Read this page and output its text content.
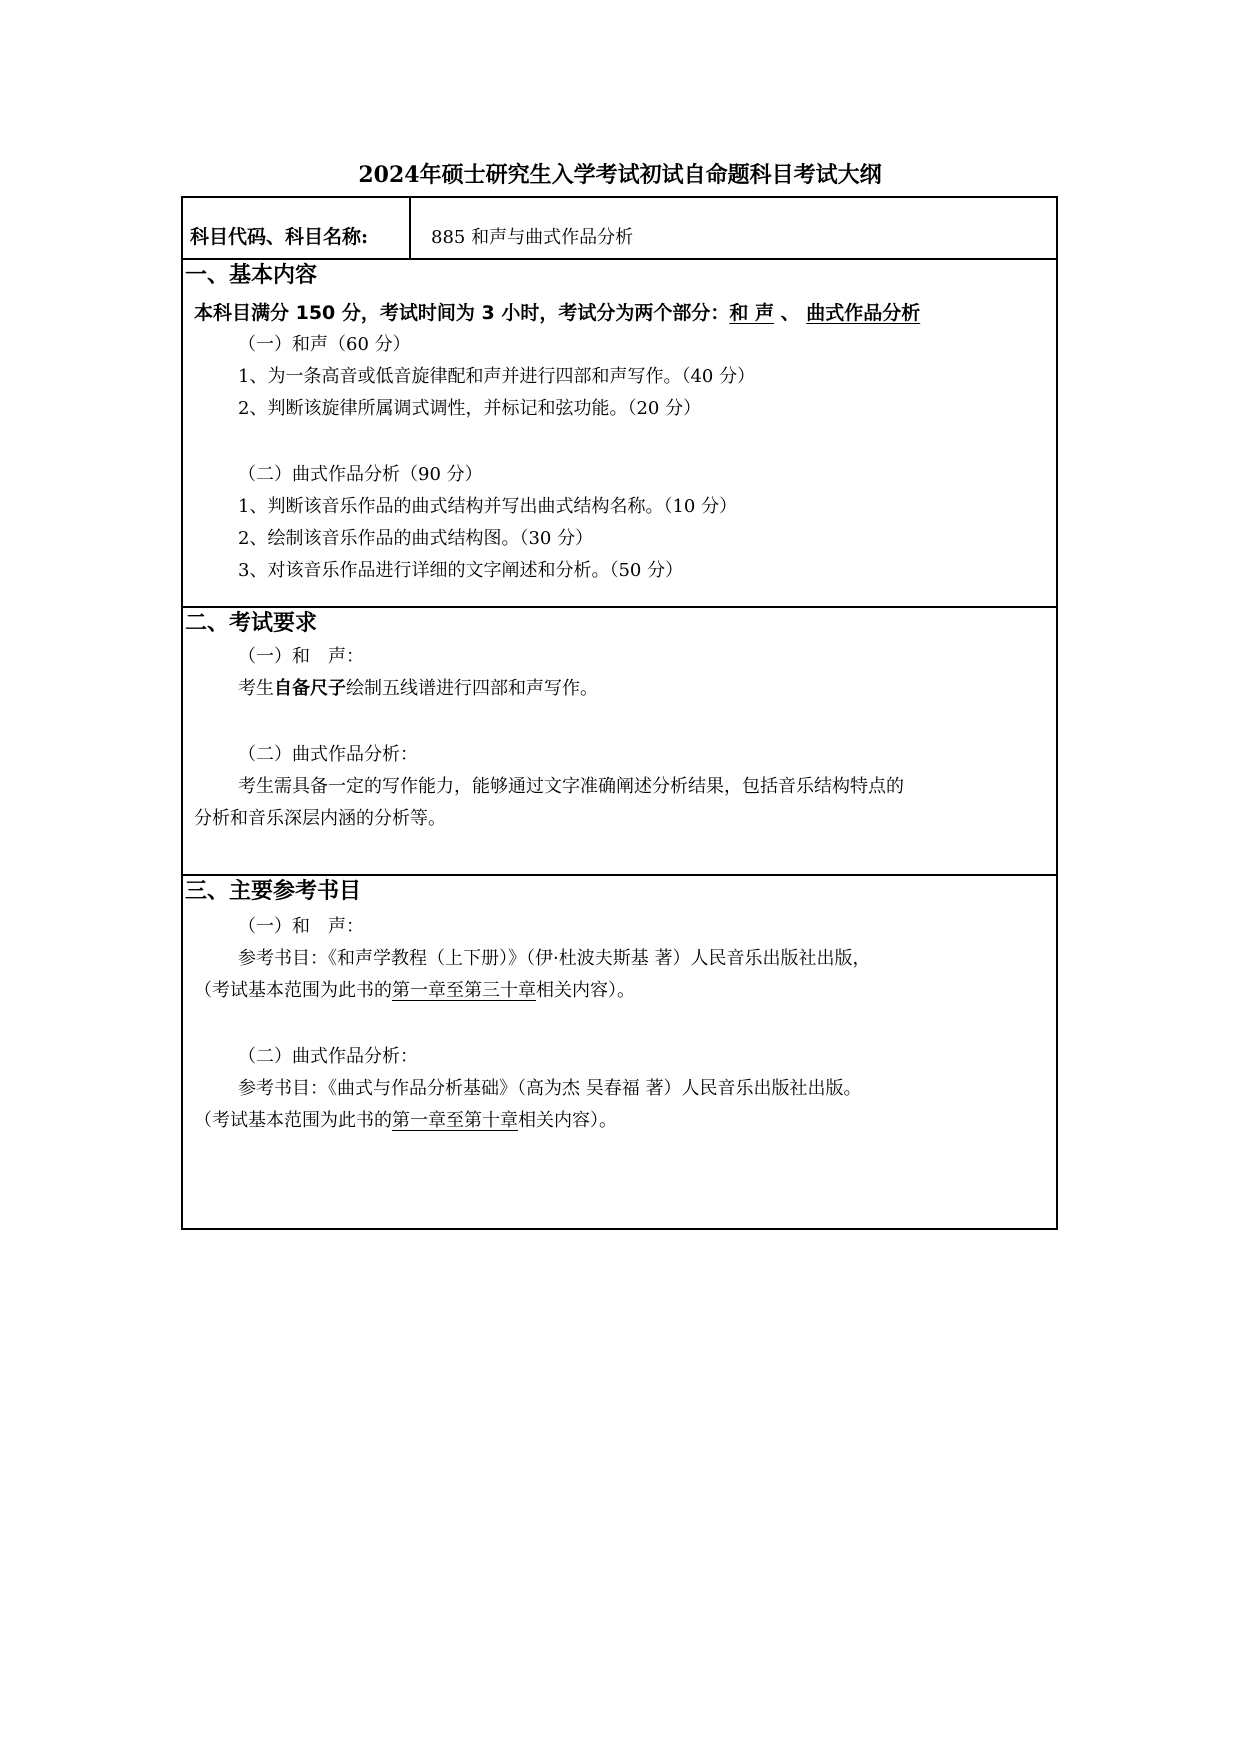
2024年硕士研究生入学考试初试自命题科目考试大纲
科目代码、科目名称:	885 和声与曲式作品分析
一、基本内容
本科目满分 150 分，考试时间为 3 小时，考试分为两个部分：和 声 、 曲式作品分析
（一）和声（60 分）
1、为一条高音或低音旋律配和声并进行四部和声写作。（40 分）
2、判断该旋律所属调式调性，并标记和弦功能。（20 分）
（二）曲式作品分析（90 分）
1、判断该音乐作品的曲式结构并写出曲式结构名称。（10 分）
2、绘制该音乐作品的曲式结构图。（30 分）
3、对该音乐作品进行详细的文字阐述和分析。（50 分）
二、考试要求
（一）和　声：
考生自备尺子绘制五线谱进行四部和声写作。
（二）曲式作品分析：
考生需具备一定的写作能力，能够通过文字准确阐述分析结果，包括音乐结构特点的
分析和音乐深层内涵的分析等。
三、主要参考书目
（一）和　声：
参考书目：《和声学教程（上下册）》（伊·杜波夫斯基 著）人民音乐出版社出版，
（考试基本范围为此书的第一章至第三十章相关内容）。
（二）曲式作品分析：
参考书目：《曲式与作品分析基础》（高为杰 吴春福 著）人民音乐出版社出版。
（考试基本范围为此书的第一章至第十章相关内容）。
